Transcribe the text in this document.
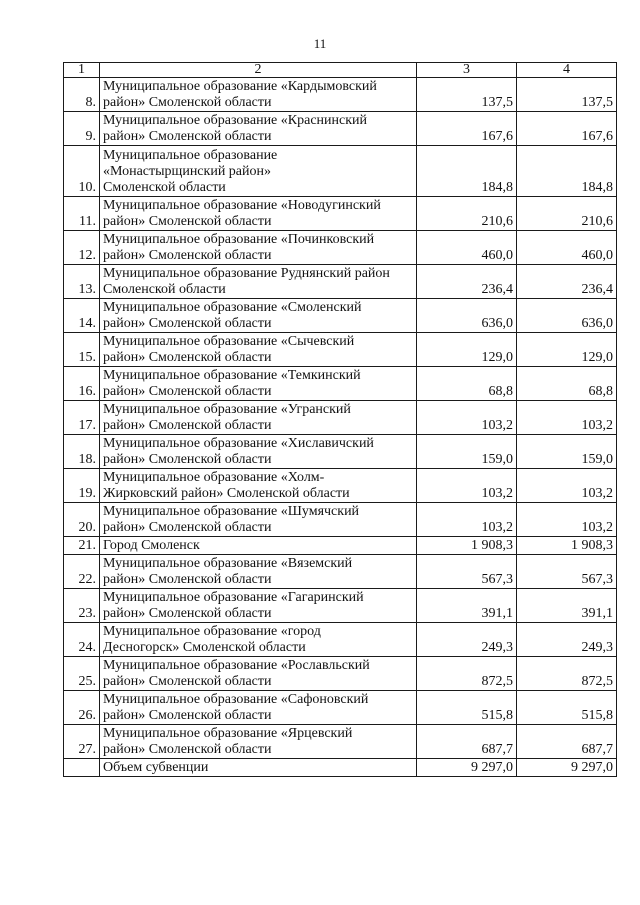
11
1	2	3	4
8.	Муниципальное образование «Кардымовский
район» Смоленской области	137,5	137,5
9.	Муниципальное образование «Краснинский
район» Смоленской области	167,6	167,6
10.	Муниципальное образование
«Монастырщинский район»
Смоленской области	184,8	184,8
11.	Муниципальное образование «Новодугинский
район» Смоленской области	210,6	210,6
12.	Муниципальное образование «Починковский
район» Смоленской области	460,0	460,0
13.	Муниципальное образование Руднянский район
Смоленской области	236,4	236,4
14.	Муниципальное образование «Смоленский
район» Смоленской области	636,0	636,0
15.	Муниципальное образование «Сычевский
район» Смоленской области	129,0	129,0
16.	Муниципальное образование «Темкинский
район» Смоленской области	68,8	68,8
17.	Муниципальное образование «Угранский
район» Смоленской области	103,2	103,2
18.	Муниципальное образование «Хиславичский
район» Смоленской области	159,0	159,0
19.	Муниципальное образование «Холм-
Жирковский район» Смоленской области	103,2	103,2
20.	Муниципальное образование «Шумячский
район» Смоленской области	103,2	103,2
21.	Город Смоленск	1 908,3	1 908,3
22.	Муниципальное образование «Вяземский
район» Смоленской области	567,3	567,3
23.	Муниципальное образование «Гагаринский
район» Смоленской области	391,1	391,1
24.	Муниципальное образование «город
Десногорск» Смоленской области	249,3	249,3
25.	Муниципальное образование «Рославльский
район» Смоленской области	872,5	872,5
26.	Муниципальное образование «Сафоновский
район» Смоленской области	515,8	515,8
27.	Муниципальное образование «Ярцевский
район» Смоленской области	687,7	687,7
	Объем субвенции	9 297,0	9 297,0
